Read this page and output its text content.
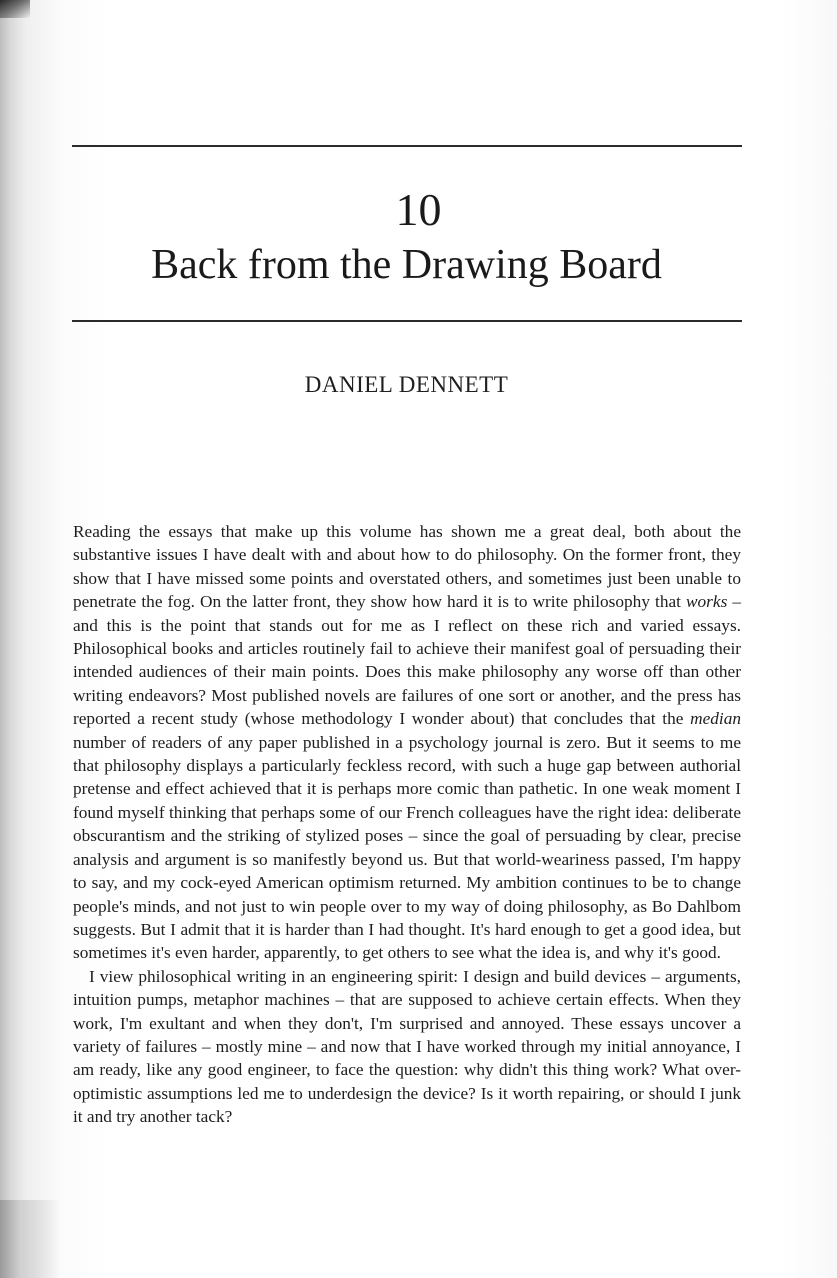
10
Back from the Drawing Board
DANIEL DENNETT

Reading the essays that make up this volume has shown me a great deal, both about the substantive issues I have dealt with and about how to do philosophy. On the former front, they show that I have missed some points and overstated others, and sometimes just been unable to penetrate the fog. On the latter front, they show how hard it is to write philosophy that works – and this is the point that stands out for me as I reflect on these rich and varied essays. Philosophical books and articles routinely fail to achieve their manifest goal of persuading their intended audiences of their main points. Does this make philosophy any worse off than other writing endeavors? Most published novels are failures of one sort or another, and the press has reported a recent study (whose methodology I wonder about) that concludes that the median number of readers of any paper published in a psychology journal is zero. But it seems to me that philosophy displays a particularly feckless record, with such a huge gap between authorial pretense and effect achieved that it is perhaps more comic than pathetic. In one weak moment I found myself thinking that perhaps some of our French colleagues have the right idea: deliberate obscurantism and the striking of stylized poses – since the goal of persuading by clear, precise analysis and argument is so manifestly beyond us. But that world-weariness passed, I'm happy to say, and my cock-eyed American optimism returned. My ambition continues to be to change people's minds, and not just to win people over to my way of doing philosophy, as Bo Dahlbom suggests. But I admit that it is harder than I had thought. It's hard enough to get a good idea, but sometimes it's even harder, apparently, to get others to see what the idea is, and why it's good.

I view philosophical writing in an engineering spirit: I design and build devices – arguments, intuition pumps, metaphor machines – that are supposed to achieve certain effects. When they work, I'm exultant and when they don't, I'm surprised and annoyed. These essays uncover a variety of failures – mostly mine – and now that I have worked through my initial annoyance, I am ready, like any good engineer, to face the question: why didn't this thing work? What over-optimistic assumptions led me to underdesign the device? Is it worth repairing, or should I junk it and try another tack?
